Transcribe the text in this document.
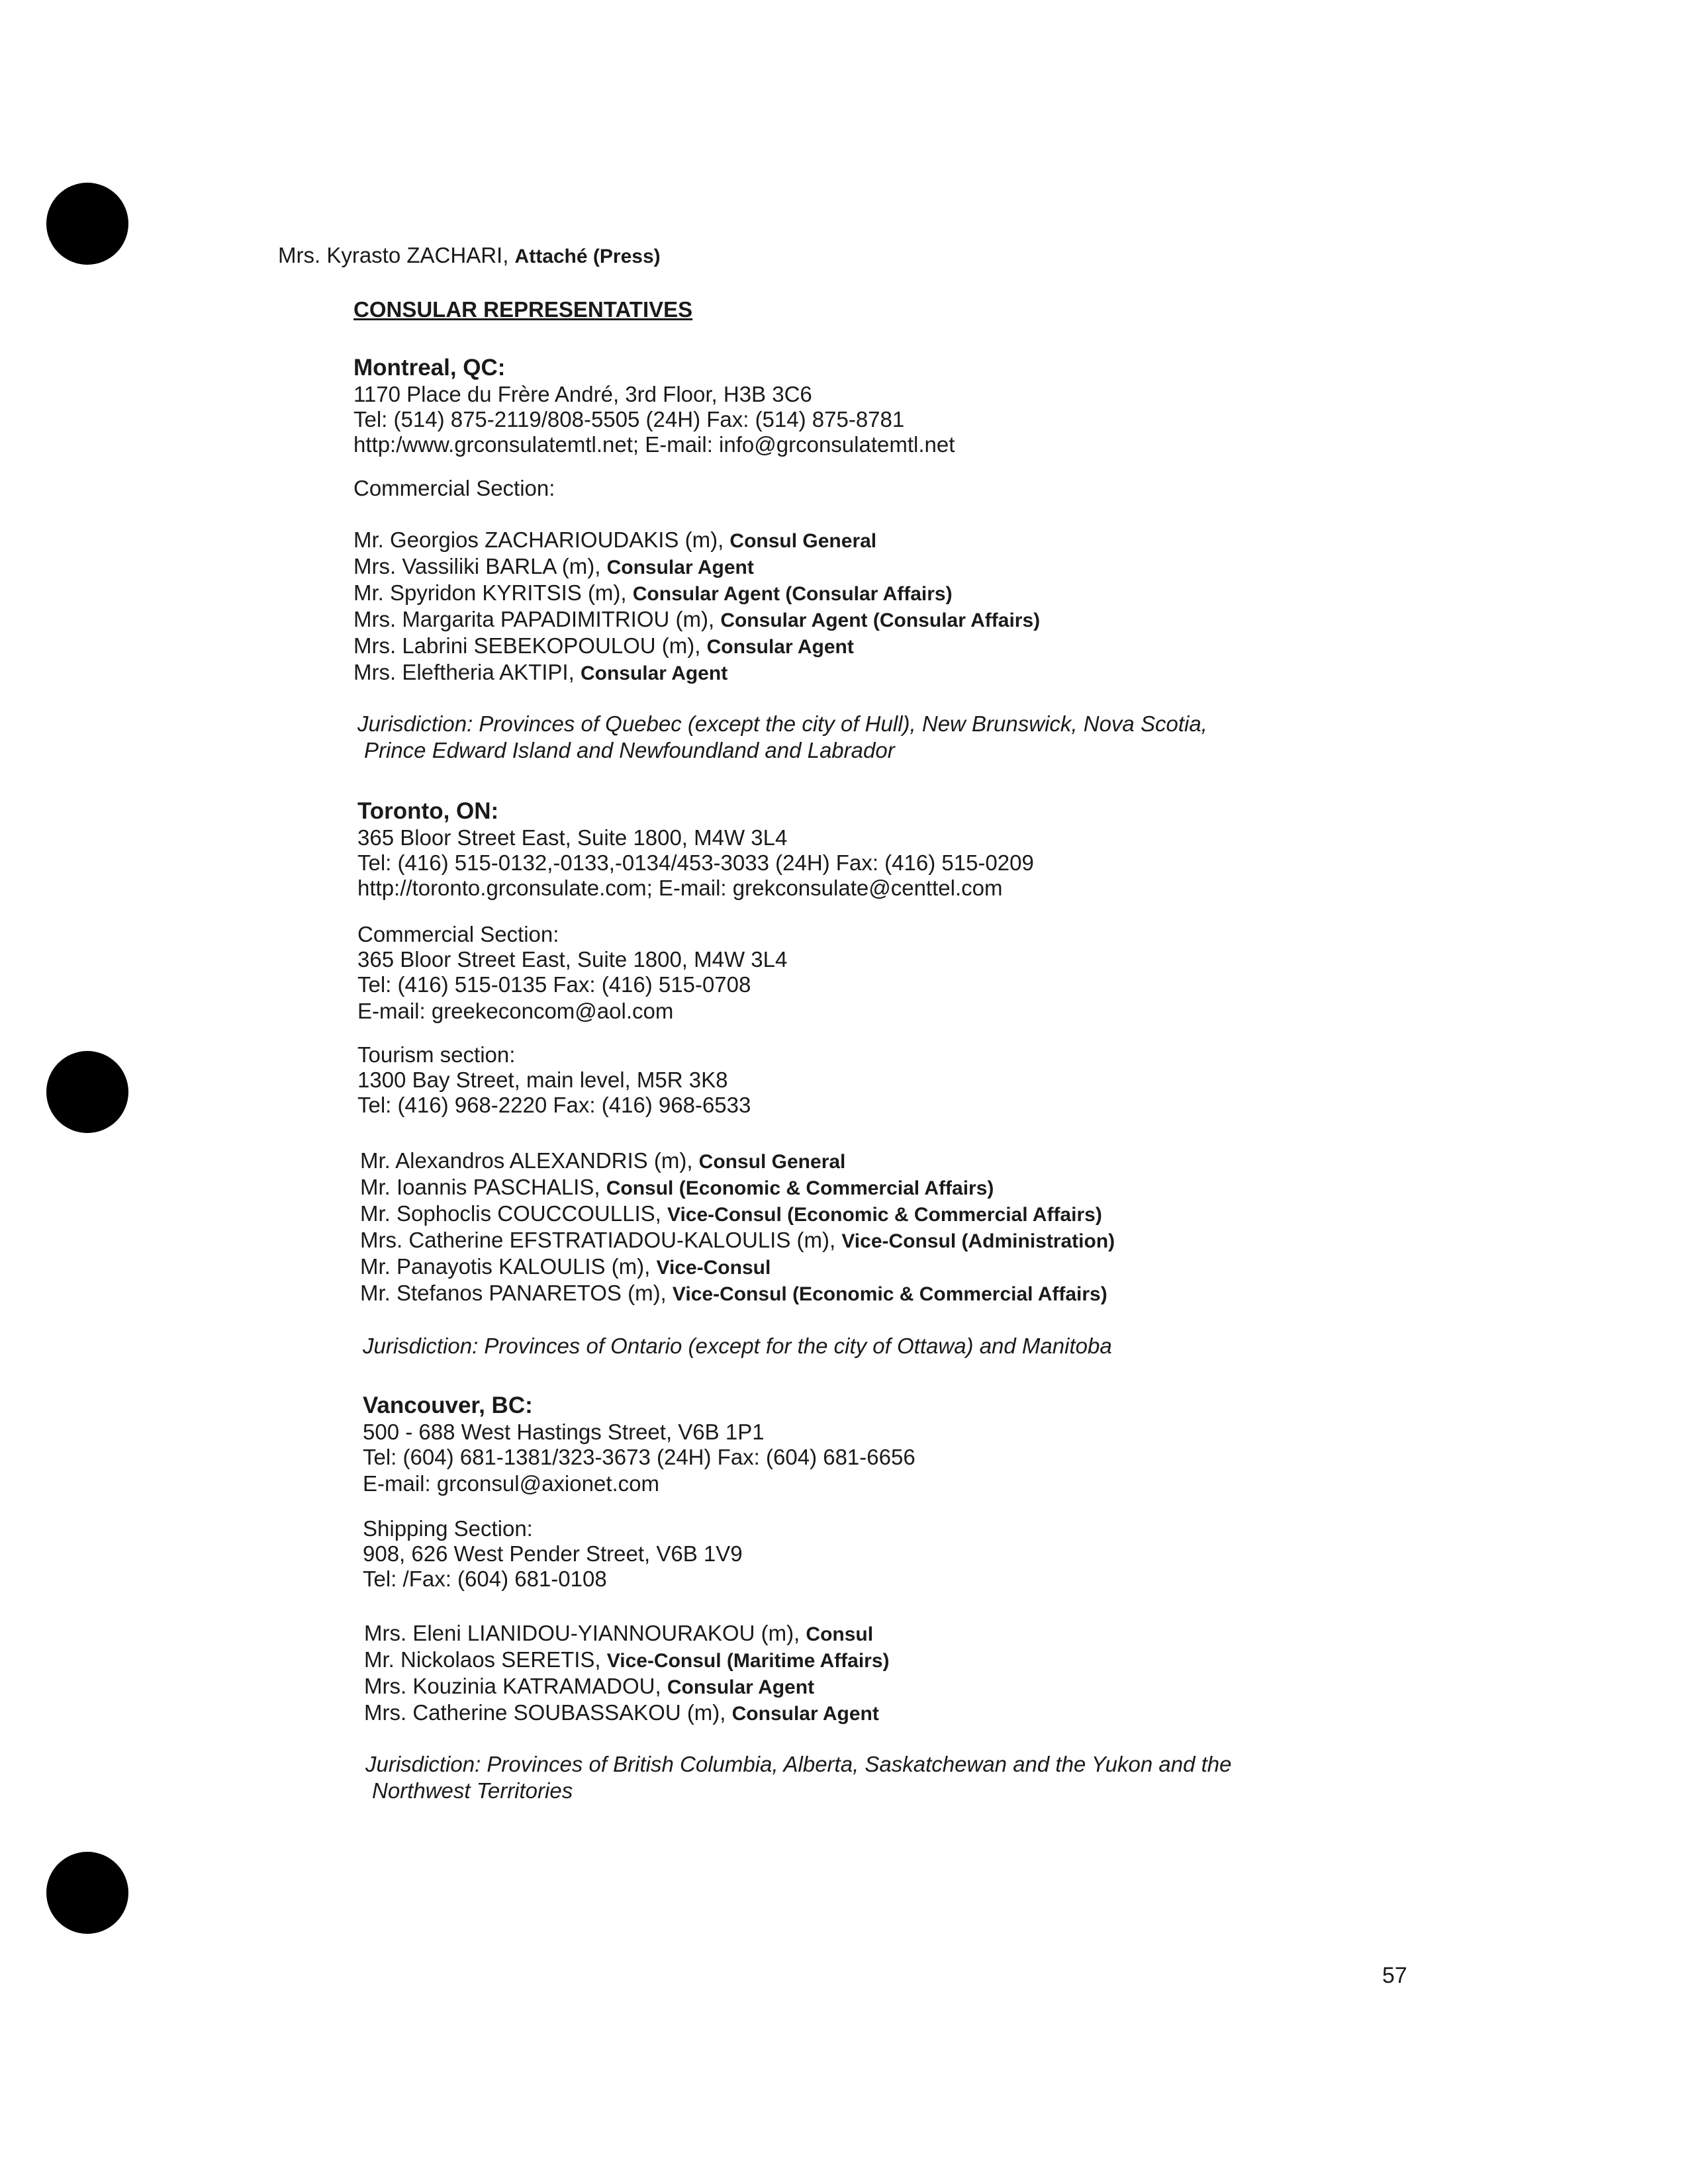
Mrs. Kyrasto ZACHARI, Attaché (Press)
CONSULAR REPRESENTATIVES
Montreal, QC:
1170 Place du Frère André, 3rd Floor, H3B 3C6
Tel: (514) 875-2119/808-5505 (24H) Fax: (514) 875-8781
http:/www.grconsulatemtl.net; E-mail: info@grconsulatemtl.net
Commercial Section:
Mr. Georgios ZACHARIOUDAKIS (m), Consul General
Mrs. Vassiliki BARLA (m), Consular Agent
Mr. Spyridon KYRITSIS (m), Consular Agent (Consular Affairs)
Mrs. Margarita PAPADIMITRIOU (m), Consular Agent (Consular Affairs)
Mrs. Labrini SEBEKOPOULOU (m), Consular Agent
Mrs. Eleftheria AKTIPI, Consular Agent
Jurisdiction: Provinces of Quebec (except the city of Hull), New Brunswick, Nova Scotia,
Prince Edward Island and Newfoundland and Labrador
Toronto, ON:
365 Bloor Street East, Suite 1800, M4W 3L4
Tel: (416) 515-0132,-0133,-0134/453-3033 (24H) Fax: (416) 515-0209
http://toronto.grconsulate.com; E-mail: grekconsulate@centtel.com
Commercial Section:
365 Bloor Street East, Suite 1800, M4W 3L4
Tel: (416) 515-0135 Fax: (416) 515-0708
E-mail: greekeconcom@aol.com
Tourism section:
1300 Bay Street, main level, M5R 3K8
Tel: (416) 968-2220 Fax: (416) 968-6533
Mr. Alexandros ALEXANDRIS (m), Consul General
Mr. Ioannis PASCHALIS, Consul (Economic & Commercial Affairs)
Mr. Sophoclis COUCCOULLIS, Vice-Consul (Economic & Commercial Affairs)
Mrs. Catherine EFSTRATIADOU-KALOULIS (m), Vice-Consul (Administration)
Mr. Panayotis KALOULIS (m), Vice-Consul
Mr. Stefanos PANARETOS (m), Vice-Consul (Economic & Commercial Affairs)
Jurisdiction: Provinces of Ontario (except for the city of Ottawa) and Manitoba
Vancouver, BC:
500 - 688 West Hastings Street, V6B 1P1
Tel: (604) 681-1381/323-3673 (24H) Fax: (604) 681-6656
E-mail: grconsul@axionet.com
Shipping Section:
908, 626 West Pender Street, V6B 1V9
Tel: /Fax: (604) 681-0108
Mrs. Eleni LIANIDOU-YIANNOURAKOU (m), Consul
Mr. Nickolaos SERETIS, Vice-Consul (Maritime Affairs)
Mrs. Kouzinia KATRAMADOU, Consular Agent
Mrs. Catherine SOUBASSAKOU (m), Consular Agent
Jurisdiction: Provinces of British Columbia, Alberta, Saskatchewan and the Yukon and the
Northwest Territories
57
